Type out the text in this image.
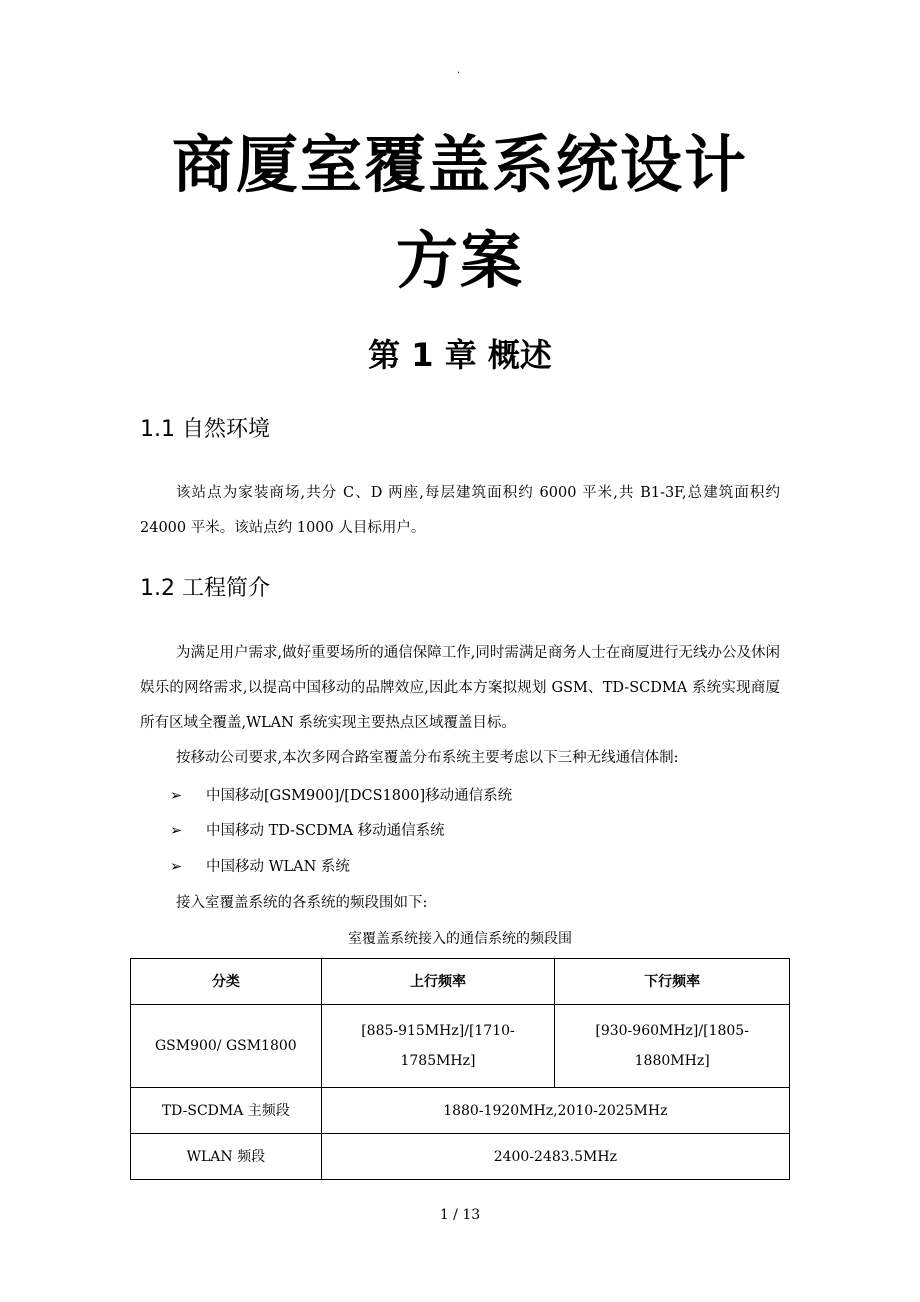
.
商厦室覆盖系统设计
方案
第 1 章 概述
1.1 自然环境
该站点为家装商场,共分 C、D 两座,每层建筑面积约 6000 平米,共 B1-3F,总建筑面积约 24000 平米。该站点约 1000 人目标用户。
1.2 工程简介
为满足用户需求,做好重要场所的通信保障工作,同时需满足商务人士在商厦进行无线办公及休闲娱乐的网络需求,以提高中国移动的品牌效应,因此本方案拟规划 GSM、TD-SCDMA 系统实现商厦所有区域全覆盖,WLAN 系统实现主要热点区域覆盖目标。
按移动公司要求,本次多网合路室覆盖分布系统主要考虑以下三种无线通信体制:
➢ 中国移动[GSM900]/[DCS1800]移动通信系统
➢ 中国移动 TD-SCDMA 移动通信系统
➢ 中国移动 WLAN 系统
接入室覆盖系统的各系统的频段围如下:
室覆盖系统接入的通信系统的频段围
分类	上行频率	下行频率
GSM900/ GSM1800	[885-915MHz]/[1710-1785MHz]	[930-960MHz]/[1805-1880MHz]
TD-SCDMA 主频段	1880-1920MHz,2010-2025MHz	
WLAN 频段	2400-2483.5MHz	
1 / 13
